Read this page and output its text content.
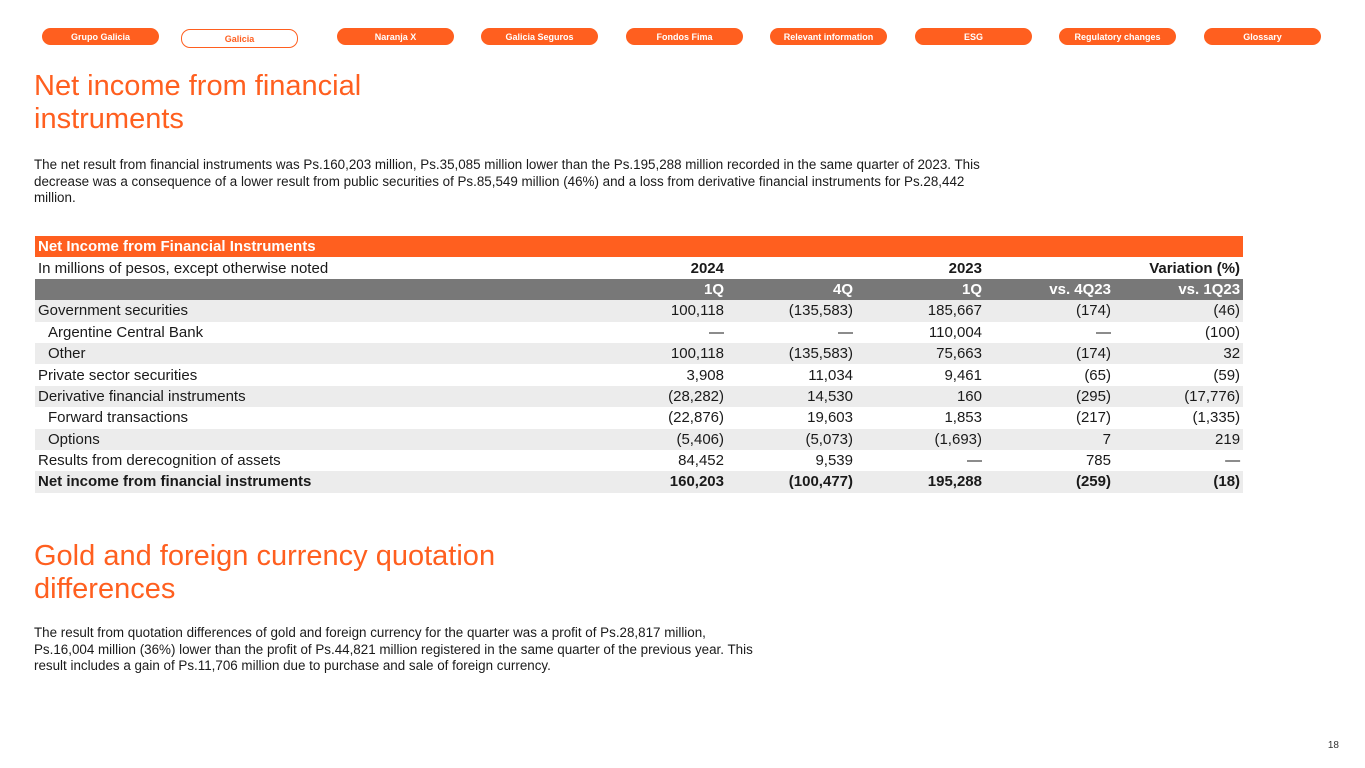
Grupo Galicia	Galicia	Naranja X	Galicia Seguros	Fondos Fima	Relevant information	ESG	Regulatory changes	Glossary
Net income from financial
instruments

The net result from financial instruments was Ps.160,203 million, Ps.35,085 million lower than the Ps.195,288 million recorded in the same quarter of 2023. This decrease was a consequence of a lower result from public securities of Ps.85,549 million (46%) and a loss from derivative financial instruments for Ps.28,442 million.

Net Income from Financial Instruments					
In millions of pesos, except otherwise noted	2024		2023	Variation (%)	
	1Q	4Q	1Q	vs. 4Q23	vs. 1Q23
Government securities	100,118	(135,583)	185,667	(174)	(46)
Argentine Central Bank	—	—	110,004	—	(100)
Other	100,118	(135,583)	75,663	(174)	32
Private sector securities	3,908	11,034	9,461	(65)	(59)
Derivative financial instruments	(28,282)	14,530	160	(295)	(17,776)
Forward transactions	(22,876)	19,603	1,853	(217)	(1,335)
Options	(5,406)	(5,073)	(1,693)	7	219
Results from derecognition of assets	84,452	9,539	—	785	—
Net income from financial instruments	160,203	(100,477)	195,288	(259)	(18)
Gold and foreign currency quotation
differences

The result from quotation differences of gold and foreign currency for the quarter was a profit of Ps.28,817 million, Ps.16,004 million (36%) lower than the profit of Ps.44,821 million registered in the same quarter of the previous year. This result includes a gain of Ps.11,706 million due to purchase and sale of foreign currency.

18
